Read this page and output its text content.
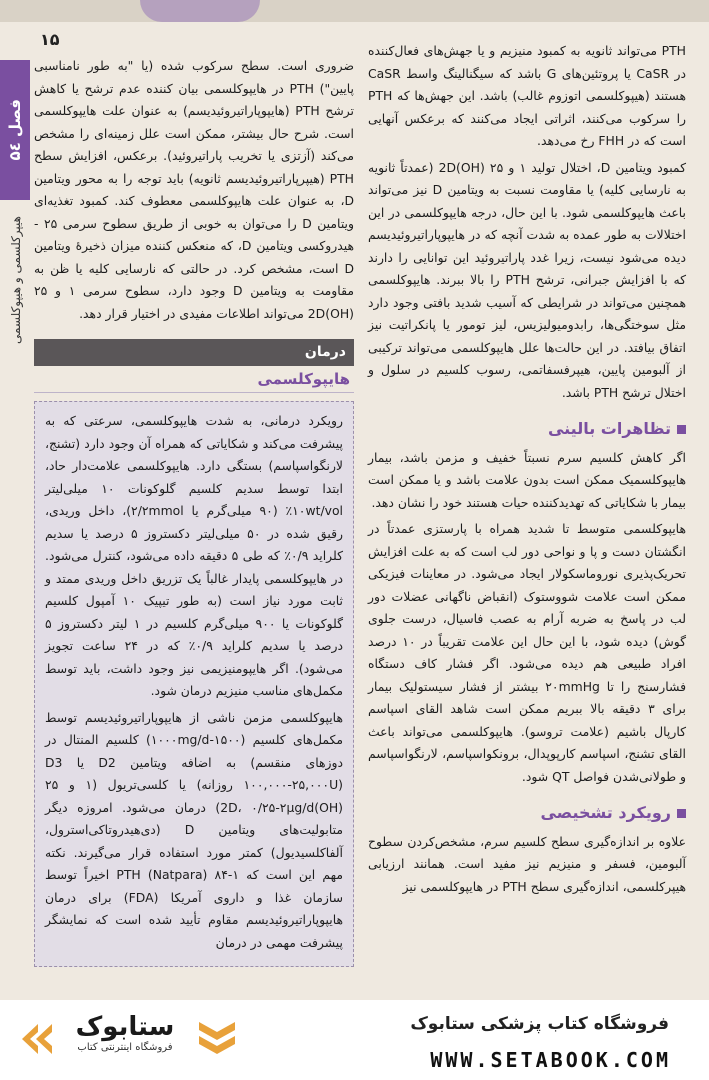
۱۵
فصل ۵٤
هیپرکلسمی و هیپوکلسمی

PTH می‌تواند ثانویه به کمبود منیزیم و یا جهش‌های فعال‌کننده در CaSR یا پروتئین‌های G باشد که سیگنالینگ واسط CaSR هستند (هیپوکلسمی اتوزوم غالب) باشد. این جهش‌ها که PTH را سرکوب می‌کنند، اثراتی ایجاد می‌کنند که برعکس آنهایی است که در FHH رخ می‌دهد.

کمبود ویتامین D، اختلال تولید ۱ و ۲۵ (OH)2D (عمدتاً ثانویه به نارسایی کلیه) یا مقاومت نسبت به ویتامین D نیز می‌تواند باعث هایپوکلسمی شود. با این حال، درجه هایپوکلسمی در این اختلالات به طور عمده به شدت آنچه که در هایپوپاراتیروئیدیسم دیده می‌شود نیست، زیرا غدد پاراتیروئید این توانایی را دارند که با افزایش جبرانی، ترشح PTH را بالا ببرند. هایپوکلسمی همچنین می‌تواند در شرایطی که آسیب شدید بافتی وجود دارد مثل سوختگی‌ها، رابدومیولیزیس، لیز تومور یا پانکراتیت نیز اتفاق بیافتد. در این حالت‌ها علل هایپوکلسمی می‌تواند ترکیبی از آلبومین پایین، هیپرفسفاتمی، رسوب کلسیم در سلول و اختلال ترشح PTH باشد.

تظاهرات بالینی

اگر کاهش کلسیم سرم نسبتاً خفیف و مزمن باشد، بیمار هایپوکلسمیک ممکن است بدون علامت باشد و یا ممکن است بیمار با شکایاتی که تهدیدکننده حیات هستند خود را نشان دهد.

هایپوکلسمی متوسط تا شدید همراه با پارستزی عمدتاً در انگشتان دست و پا و نواحی دور لب است که به علت افزایش تحریک‌پذیری نوروماسکولار ایجاد می‌شود. در معاینات فیزیکی ممکن است علامت شووستوک (انقباض ناگهانی عضلات دور لب در پاسخ به ضربه آرام به عصب فاسیال، درست جلوی گوش) دیده شود، با این حال این علامت تقریباً در ۱۰ درصد افراد طبیعی هم دیده می‌شود. اگر فشار کاف دستگاه فشارسنج را تا ۲۰mmHg بیشتر از فشار سیستولیک بیمار برای ۳ دقیقه بالا ببریم ممکن است شاهد القای اسپاسم کارپال باشیم (علامت تروسو). هایپوکلسمی می‌تواند باعث القای تشنج، اسپاسم کارپوپدال، برونکواسپاسم، لارنگواسپاسم و طولانی‌شدن فواصل QT شود.

رویکرد تشخیصی

علاوه بر اندازه‌گیری سطح کلسیم سرم، مشخص‌کردن سطوح آلبومین، فسفر و منیزیم نیز مفید است. همانند ارزیابی هیپرکلسمی، اندازه‌گیری سطح PTH در هایپوکلسمی نیز

ضروری است. سطح سرکوب شده (یا "به طور نامناسبی پایین") PTH در هایپوکلسمی بیان کننده عدم ترشح یا کاهش ترشح PTH (هایپوپاراتیروئیدیسم) به عنوان علت هایپوکلسمی است. شرح حال بیشتر، ممکن است علل زمینه‌ای را مشخص می‌کند (آزتزی یا تخریب پاراتیروئید). برعکس، افزایش سطح PTH (هیپرپاراتیروئیدیسم ثانویه) باید توجه را به محور ویتامین D، به عنوان علت هایپوکلسمی معطوف کند. کمبود تغذیه‌ای ویتامین D را می‌توان به خوبی از طریق سطوح سرمی ۲۵ - هیدروکسی ویتامین D، که منعکس کننده میزان ذخیرهٔ ویتامین D است، مشخص کرد. در حالتی که نارسایی کلیه یا ظن به مقاومت به ویتامین D وجود دارد، سطوح سرمی ۱ و ۲۵ (OH)2D می‌تواند اطلاعات مفیدی در اختیار قرار دهد.

درمان
هایپوکلسمی

رویکرد درمانی، به شدت هایپوکلسمی، سرعتی که به پیشرفت می‌کند و شکایاتی که همراه آن وجود دارد (تشنج، لارنگواسپاسم) بستگی دارد. هایپوکلسمی علامت‌دار حاد، ابتدا توسط سدیم کلسیم گلوکونات ۱۰ میلی‌لیتر ۱۰wt/vol٪ (۹۰ میلی‌گرم یا ۲/۲mmol)، داخل وریدی، رقیق شده در ۵۰ میلی‌لیتر دکستروز ۵ درصد یا سدیم کلراید ۰/۹٪ که طی ۵ دقیقه داده می‌شود، کنترل می‌شود. در هایپوکلسمی پایدار غالباً یک تزریق داخل وریدی ممتد و ثابت مورد نیاز است (به طور تیپیک ۱۰ آمپول کلسیم گلوکونات یا ۹۰۰ میلی‌گرم کلسیم در ۱ لیتر دکستروز ۵ درصد یا سدیم کلراید ۰/۹٪ که در ۲۴ ساعت تجویز می‌شود). اگر هایپومنیزیمی نیز وجود داشت، باید توسط مکمل‌های مناسب منیزیم درمان شود.

هایپوکلسمی مزمن ناشی از هایپوپاراتیروئیدیسم توسط مکمل‌های کلسیم (۱۵۰۰-۱۰۰۰mg/d) کلسیم المنتال در دوزهای منقسم) به اضافه ویتامین D2 یا D3 (۱۰۰,۰۰۰-۲۵,۰۰۰U روزانه) یا کلسی‌تریول (۱ و ۲۵ (OH)2D، ۰/۲۵-۲μg/d) درمان می‌شود. امروزه دیگر متابولیت‌های ویتامین D (دی‌هیدروتاکی‌استرول، آلفاکلسیدیول) کمتر مورد استفاده قرار می‌گیرند. نکته مهم این است که ۱-۸۴ PTH (Natpara) اخیراً توسط سازمان غذا و داروی آمریکا (FDA) برای درمان هایپوپاراتیروئیدیسم مقاوم تأیید شده است که نمایشگر پیشرفت مهمی در درمان

ستابوک
فروشگاه اینترنتی کتاب
فروشگاه کتاب پزشکی ستابوک
WWW.SETABOOK.COM
